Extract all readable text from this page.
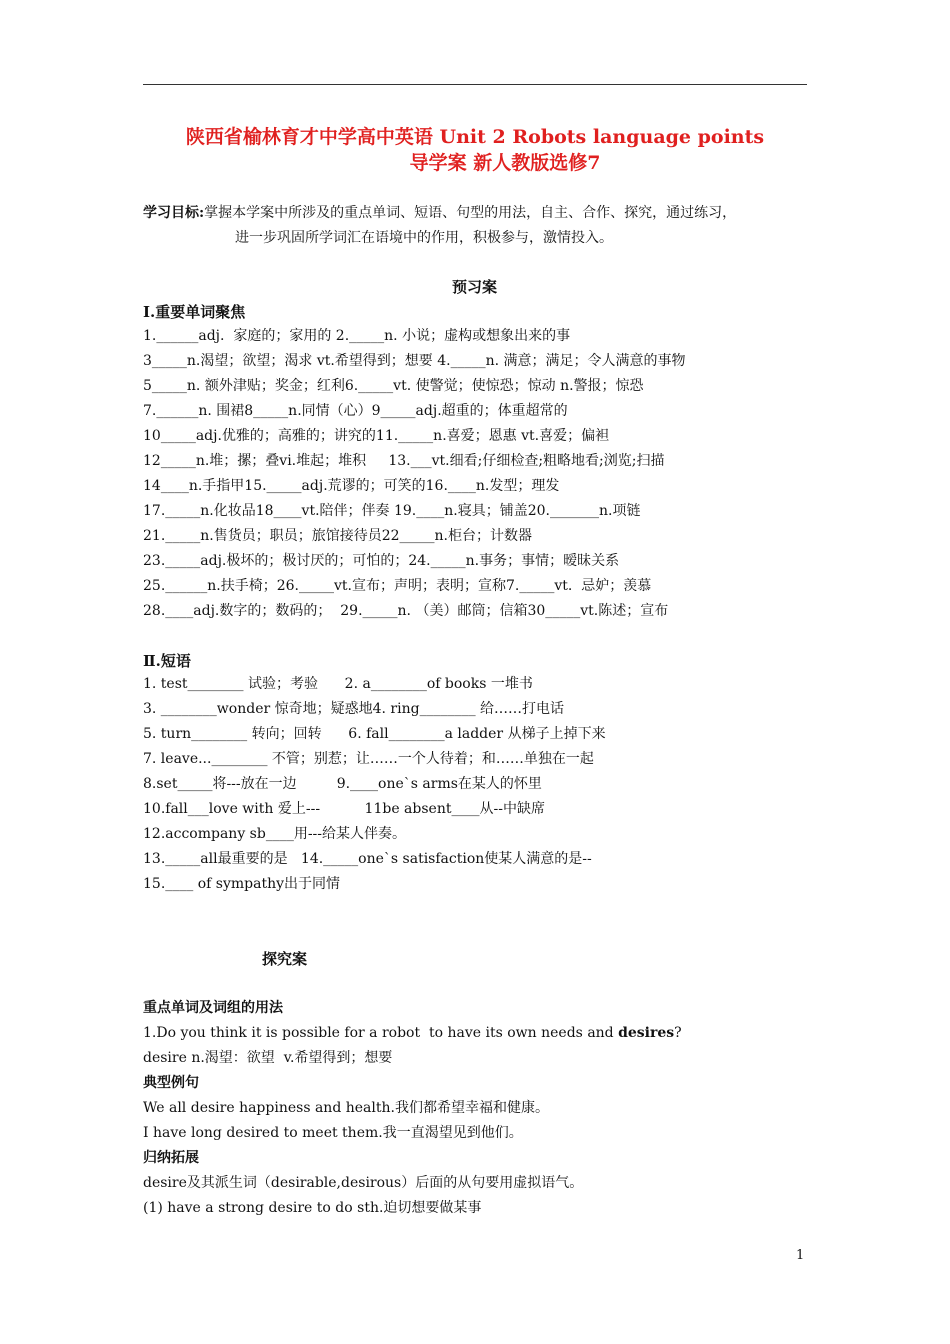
陕西省榆林育才中学高中英语 Unit 2 Robots language points
导学案 新人教版选修7
学习目标:掌握本学案中所涉及的重点单词、短语、句型的用法，自主、合作、探究，通过练习，
进一步巩固所学词汇在语境中的作用，积极参与，激情投入。
预习案
Ⅰ.重要单词聚焦
1.______adj.  家庭的；家用的 2._____n. 小说；虚构或想象出来的事
3_____n.渴望；欲望；渴求 vt.希望得到；想要 4._____n. 满意；满足；令人满意的事物
5_____n. 额外津贴；奖金；红利6._____vt. 使警觉；使惊恐；惊动 n.警报；惊恐
7.______n. 围裙8_____n.同情（心）9_____adj.超重的；体重超常的
10_____adj.优雅的；高雅的；讲究的11._____n.喜爱；恩惠 vt.喜爱；偏袒
12_____n.堆；摞；叠vi.堆起；堆积     13.___vt.细看;仔细检查;粗略地看;浏览;扫描
14____n.手指甲15._____adj.荒谬的；可笑的16.____n.发型；理发
17._____n.化妆品18____vt.陪伴；伴奏 19.____n.寝具；铺盖20._______n.项链
21._____n.售货员；职员；旅馆接待员22_____n.柜台；计数器
23._____adj.极坏的；极讨厌的；可怕的；24._____n.事务；事情；暧昧关系
25.______n.扶手椅；26._____vt.宣布；声明；表明；宣称7._____vt.  忌妒；羡慕
28.____adj.数字的；数码的；  29._____n. （美）邮筒；信箱30_____vt.陈述；宣布
Ⅱ.短语
1. test________ 试验；考验      2. a________of books 一堆书
3. ________wonder 惊奇地；疑惑地4. ring________ 给……打电话
5. turn________ 转向；回转      6. fall________a ladder 从梯子上掉下来
7. leave...________ 不管；别惹；让……一个人待着；和……单独在一起
8.set_____将---放在一边         9.____one`s arms在某人的怀里
10.fall___love with 爱上---          11be absent____从--中缺席
12.accompany sb____用---给某人伴奏。
13._____all最重要的是   14._____one`s satisfaction使某人满意的是--
15.____ of sympathy出于同情
探究案
重点单词及词组的用法
1.Do you think it is possible for a robot  to have its own needs and desires?
desire n.渴望：欲望  v.希望得到；想要
典型例句
We all desire happiness and health.我们都希望幸福和健康。
I have long desired to meet them.我一直渴望见到他们。
归纳拓展
desire及其派生词（desirable,desirous）后面的从句要用虚拟语气。
(1) have a strong desire to do sth.迫切想要做某事
1
